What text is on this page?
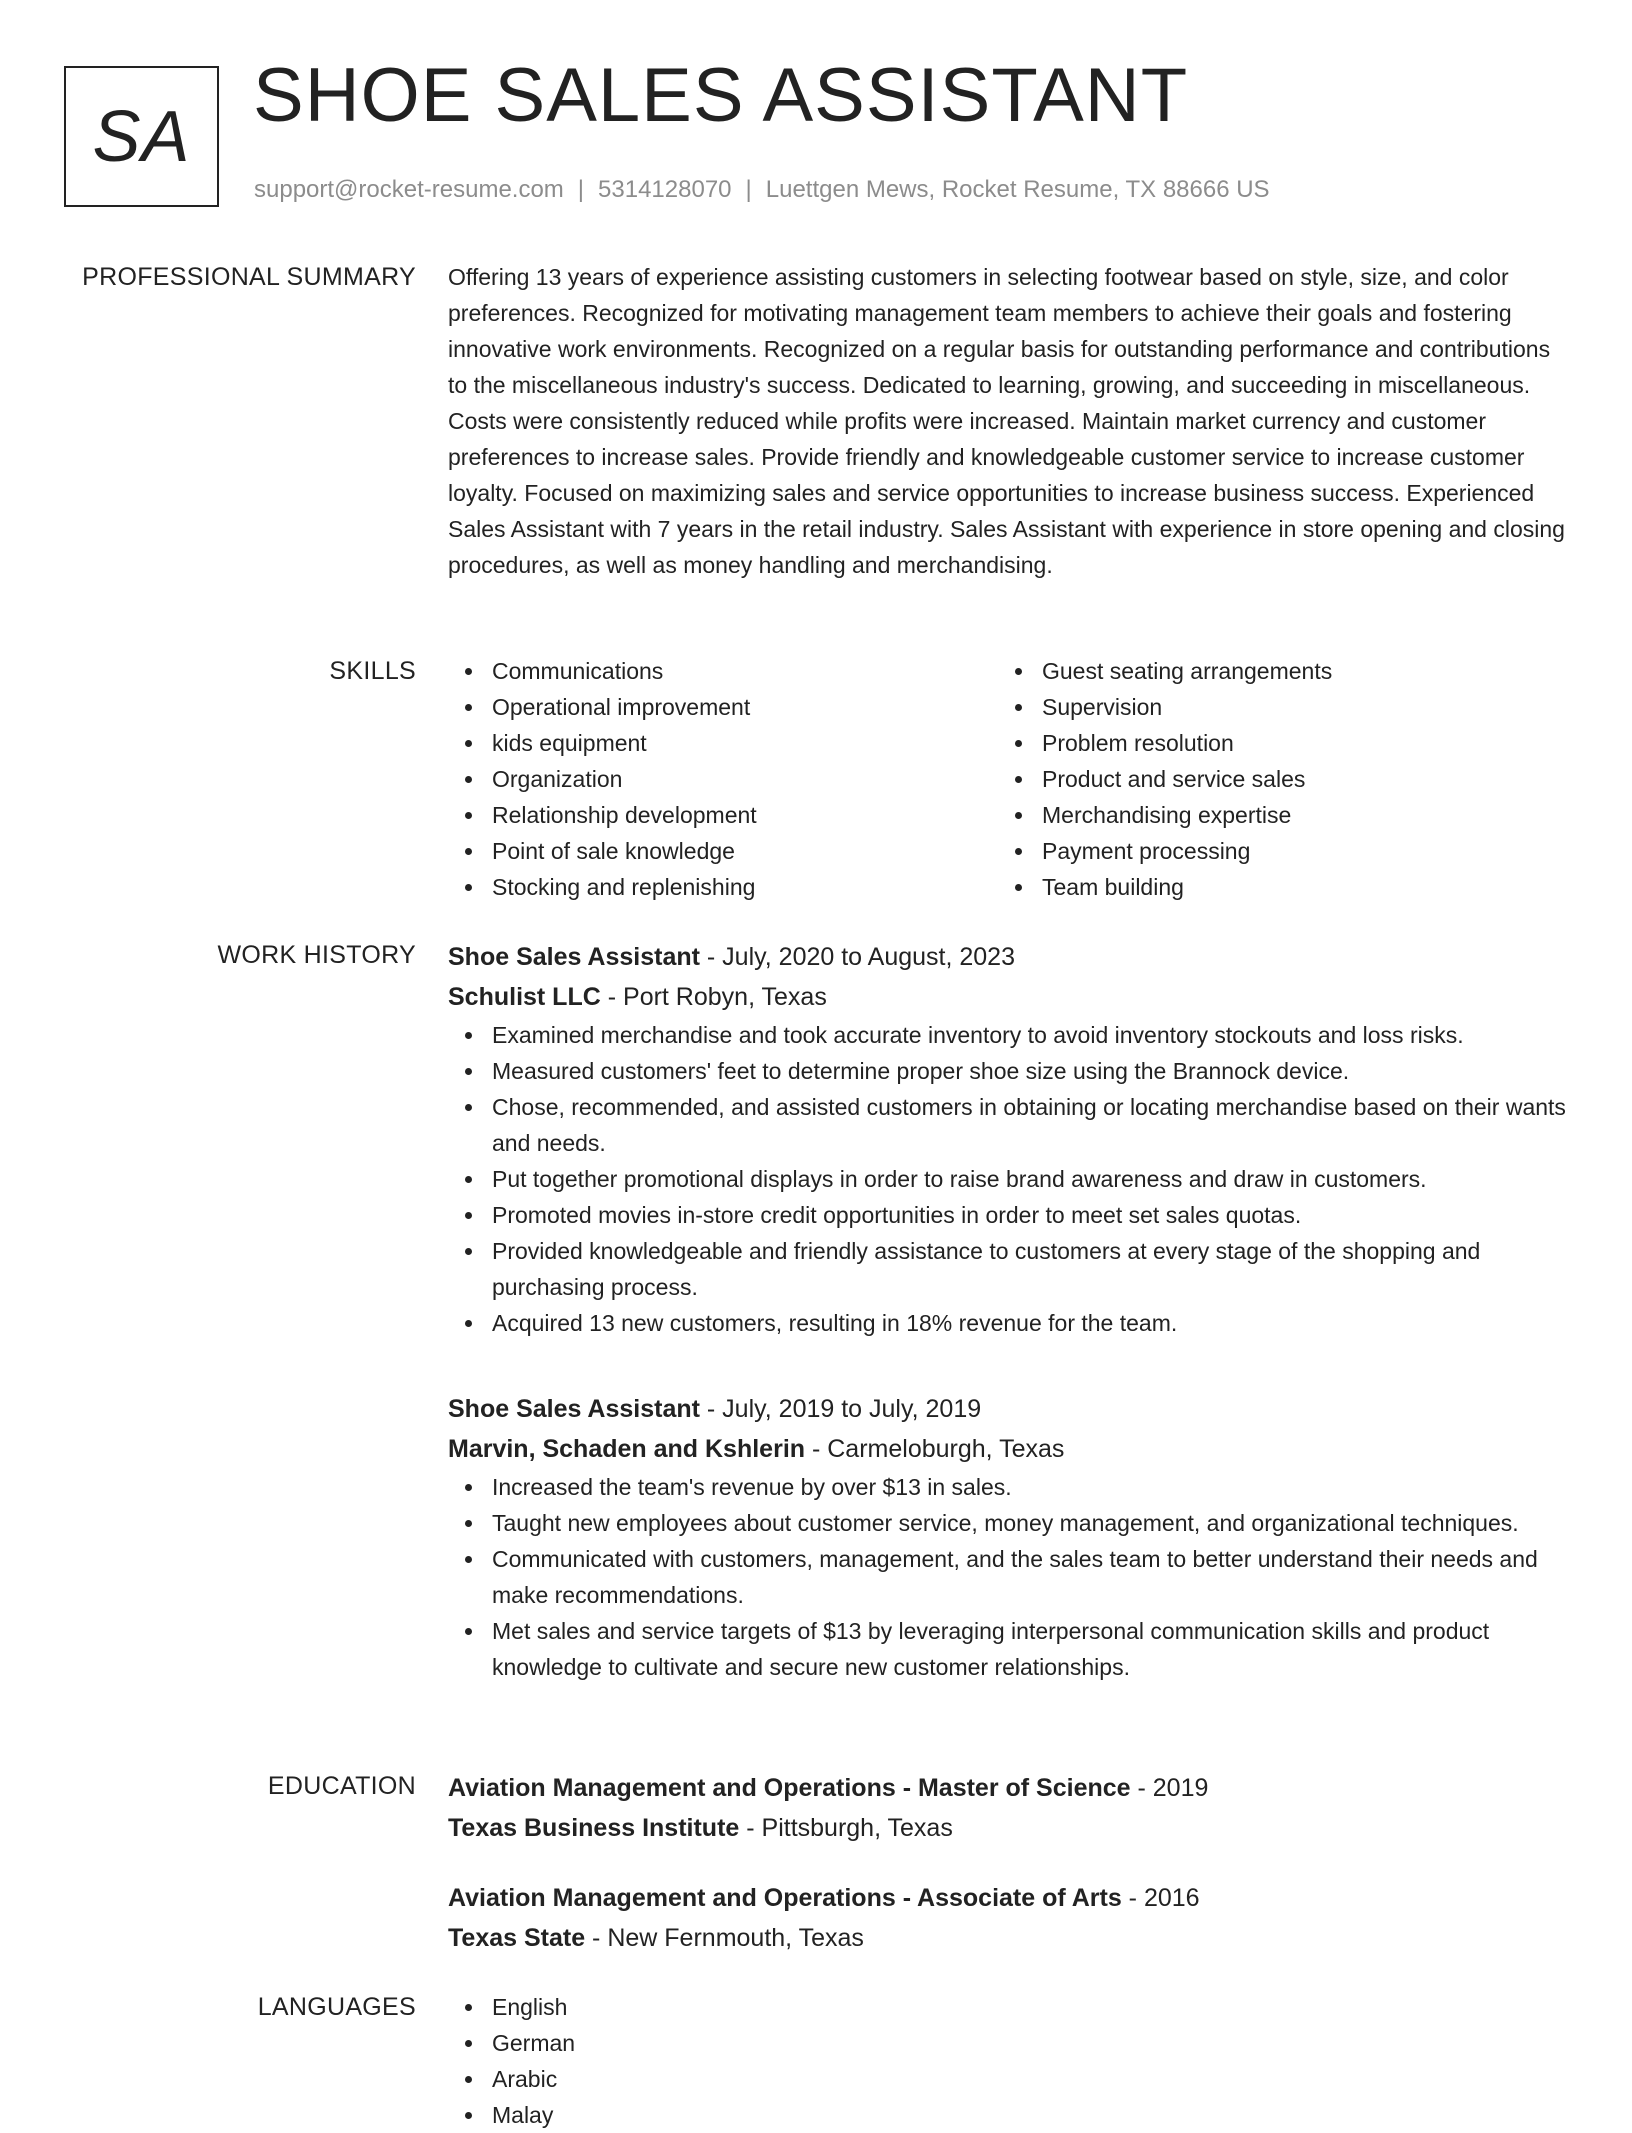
SA SHOE SALES ASSISTANT
support@rocket-resume.com | 5314128070 | Luettgen Mews, Rocket Resume, TX 88666 US
PROFESSIONAL SUMMARY Offering 13 years of experience assisting customers in selecting footwear based on style, size, and color preferences. Recognized for motivating management team members to achieve their goals and fostering innovative work environments. Recognized on a regular basis for outstanding performance and contributions to the miscellaneous industry's success. Dedicated to learning, growing, and succeeding in miscellaneous. Costs were consistently reduced while profits were increased. Maintain market currency and customer preferences to increase sales. Provide friendly and knowledgeable customer service to increase customer loyalty. Focused on maximizing sales and service opportunities to increase business success. Experienced Sales Assistant with 7 years in the retail industry. Sales Assistant with experience in store opening and closing procedures, as well as money handling and merchandising.

SKILLS	Communications
Operational improvement
kids equipment
Organization
Relationship development
Point of sale knowledge
Stocking and replenishing
Guest seating arrangements
Supervision
Problem resolution
Product and service sales
Merchandising expertise
Payment processing
Team building
WORK HISTORY Shoe Sales Assistant - July, 2020 to August, 2023
Schulist LLC - Port Robyn, Texas
Examined merchandise and took accurate inventory to avoid inventory stockouts and loss risks.
Measured customers' feet to determine proper shoe size using the Brannock device.
Chose, recommended, and assisted customers in obtaining or locating merchandise based on their wants and needs.
Put together promotional displays in order to raise brand awareness and draw in customers.
Promoted movies in-store credit opportunities in order to meet set sales quotas.
Provided knowledgeable and friendly assistance to customers at every stage of the shopping and purchasing process.
Acquired 13 new customers, resulting in 18% revenue for the team.
Shoe Sales Assistant - July, 2019 to July, 2019
Marvin, Schaden and Kshlerin - Carmeloburgh, Texas
Increased the team's revenue by over $13 in sales.
Taught new employees about customer service, money management, and organizational techniques.
Communicated with customers, management, and the sales team to better understand their needs and make recommendations.
Met sales and service targets of $13 by leveraging interpersonal communication skills and product knowledge to cultivate and secure new customer relationships.
EDUCATION Aviation Management and Operations - Master of Science - 2019
Texas Business Institute - Pittsburgh, Texas
Aviation Management and Operations - Associate of Arts - 2016
Texas State - New Fernmouth, Texas
LANGUAGES	English
German
Arabic
Malay
